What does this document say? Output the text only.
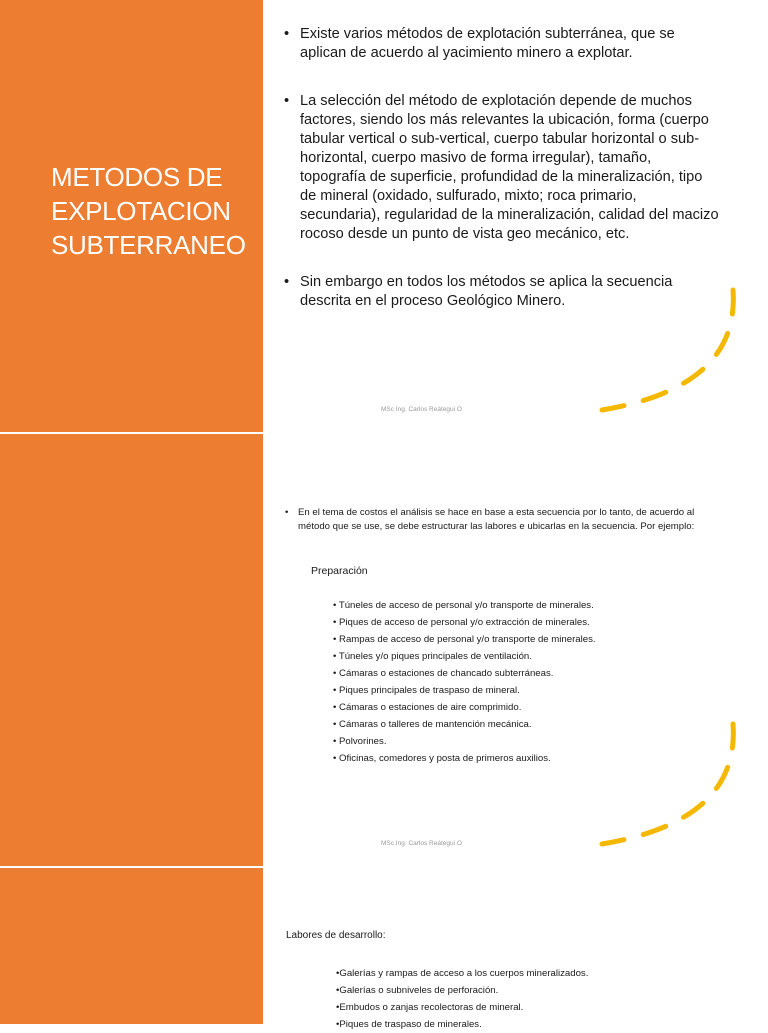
METODOS DE
EXPLOTACION
SUBTERRANEO
• Existe varios métodos de explotación subterránea, que se aplican de acuerdo al yacimiento minero a explotar.
• La selección del método de explotación depende de muchos factores, siendo los más relevantes la ubicación, forma (cuerpo tabular vertical o sub-vertical, cuerpo tabular horizontal o sub-horizontal, cuerpo masivo de forma irregular), tamaño, topografía de superficie, profundidad de la mineralización, tipo de mineral (oxidado, sulfurado, mixto; roca primario, secundaria), regularidad de la mineralización, calidad del macizo rocoso desde un punto de vista geo mecánico, etc.
• Sin embargo en todos los métodos se aplica la secuencia descrita en el proceso Geológico Minero.
MSc Ing. Carlos Reátegui O
• En el tema de costos el análisis se hace en base a esta secuencia por lo tanto, de acuerdo al método que se use, se debe estructurar las labores e ubicarlas en la secuencia. Por ejemplo:
Preparación
• Túneles de acceso de personal y/o transporte de minerales.
• Piques de acceso de personal y/o extracción de minerales.
• Rampas de acceso de personal y/o transporte de minerales.
• Túneles y/o piques principales de ventilación.
• Cámaras o estaciones de chancado subterráneas.
• Piques principales de traspaso de mineral.
• Cámaras o estaciones de aire comprimido.
• Cámaras o talleres de mantención mecánica.
• Polvorines.
• Oficinas, comedores y posta de primeros auxilios.
MSc Ing. Carlos Reátegui O
Labores de desarrollo:
•Galerías y rampas de acceso a los cuerpos mineralizados.
•Galerías o subniveles de perforación.
•Embudos o zanjas recolectoras de mineral.
•Piques de traspaso de minerales.
